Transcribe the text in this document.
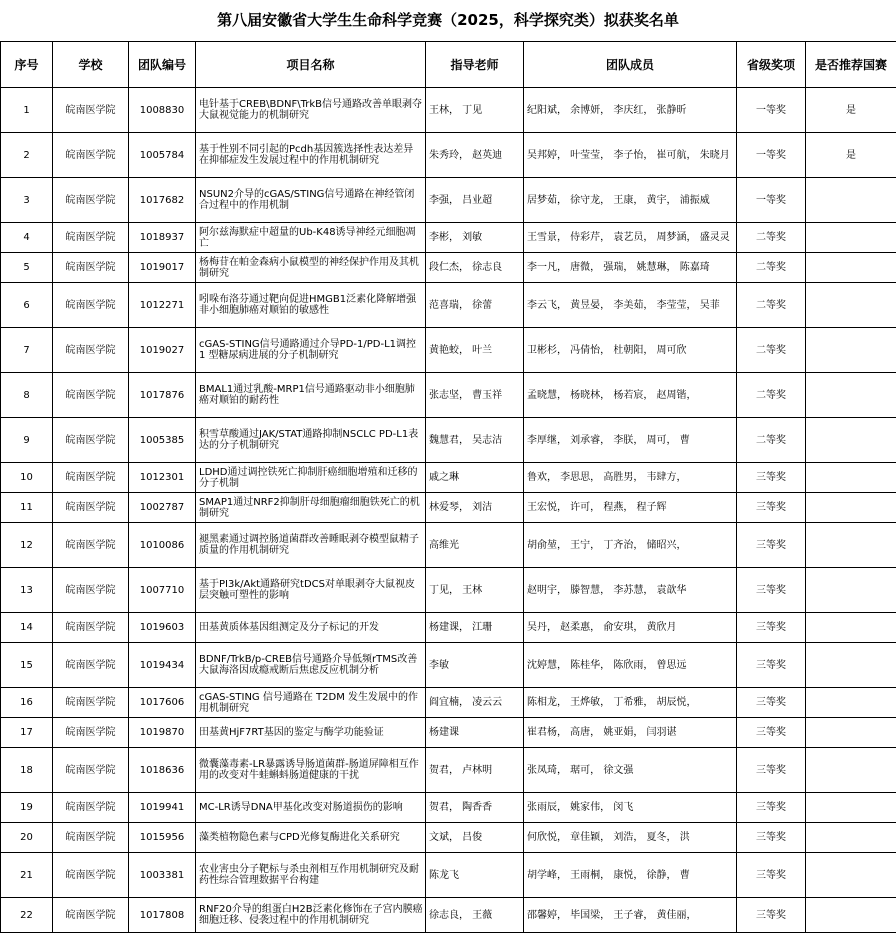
第八届安徽省大学生生命科学竞赛（2025，科学探究类）拟获奖名单
序号	学校	团队编号	项目名称	指导老师	团队成员	省级奖项	是否推荐国赛
1	皖南医学院	1008830	电针基于CREB\BDNF\TrkB信号通路改善单眼剥夺大鼠视觉能力的机制研究	王林， 丁见	纪阳斌， 余博妍， 李庆红， 张静昕	一等奖	是
2	皖南医学院	1005784	基于性别不同引起的Pcdh基因簇选择性表达差异在抑郁症发生发展过程中的作用机制研究	朱秀玲， 赵英迪	吴邦婷， 叶莹莹， 李子怡， 崔可航， 朱晓月	一等奖	是
3	皖南医学院	1017682	NSUN2介导的cGAS/STING信号通路在神经管闭合过程中的作用机制	李强， 吕业超	居梦茹， 徐守龙， 王康， 黄宇， 浦振威	一等奖	
4	皖南医学院	1018937	阿尔兹海默症中超量的Ub-K48诱导神经元细胞凋亡	李彬， 刘敏	王雪景， 侍彩芹， 袁艺员， 周梦涵， 盛灵灵	二等奖	
5	皖南医学院	1019017	杨梅苷在帕金森病小鼠模型的神经保护作用及其机制研究	段仁杰， 徐志良	李一凡， 唐微， 强瑞， 姚慧琳， 陈嘉琦	二等奖	
6	皖南医学院	1012271	吲哚布洛芬通过靶向促进HMGB1泛素化降解增强非小细胞肺癌对顺铂的敏感性	范喜瑞， 徐蕾	李云飞， 黄昱晏， 李美茹， 李莹莹， 吴菲	二等奖	
7	皖南医学院	1019027	cGAS-STING信号通路通过介导PD-1/PD-L1调控 1 型糖尿病进展的分子机制研究	黄艳蛟， 叶兰	卫彬杉， 冯倩怡， 杜朝阳， 周可欣	二等奖	
8	皖南医学院	1017876	BMAL1通过乳酸-MRP1信号通路驱动非小细胞肺癌对顺铂的耐药性	张志坚， 曹玉祥	孟晓慧， 杨晓林， 杨若宸， 赵周锴，	二等奖	
9	皖南医学院	1005385	积雪草酸通过JAK/STAT通路抑制NSCLC PD-L1表达的分子机制研究	魏慧君， 吴志洁	李厚继， 刘承睿， 李朕， 周可， 曹	二等奖	
10	皖南医学院	1012301	LDHD通过调控铁死亡抑制肝癌细胞增殖和迁移的分子机制	戚之琳	鲁欢， 李思思， 高胜男， 韦肆方，	三等奖	
11	皖南医学院	1002787	SMAP1通过NRF2抑制肝母细胞瘤细胞铁死亡的机制研究	林爱琴， 刘洁	王宏悦， 许可， 程燕， 程子辉	三等奖	
12	皖南医学院	1010086	褪黑素通过调控肠道菌群改善睡眠剥夺模型鼠精子质量的作用机制研究	高维光	胡俞堃， 王宁， 丁齐治， 储昭兴，	三等奖	
13	皖南医学院	1007710	基于PI3k/Akt通路研究tDCS对单眼剥夺大鼠视皮层突触可塑性的影响	丁见， 王林	赵明宇， 滕智慧， 李苏慧， 袁歆华	三等奖	
14	皖南医学院	1019603	田基黄质体基因组测定及分子标记的开发	杨建课， 江珊	吴丹， 赵柔惠， 俞安琪， 黄欣月	三等奖	
15	皖南医学院	1019434	BDNF/TrkB/p-CREB信号通路介导低频rTMS改善大鼠海洛因成瘾戒断后焦虑反应机制分析	李敏	沈婷慧， 陈桂华， 陈欣雨， 曾思远	三等奖	
16	皖南医学院	1017606	cGAS-STING 信号通路在 T2DM 发生发展中的作用机制研究	阎宜楠， 凌云云	陈相龙， 王烨敏， 丁希雅， 胡辰悦，	三等奖	
17	皖南医学院	1019870	田基黄HjF7RT基因的鉴定与酶学功能验证	杨建课	崔君杨， 高唐， 姚亚娟， 闫羽谌	三等奖	
18	皖南医学院	1018636	微囊藻毒素-LR暴露诱导肠道菌群-肠道屏障相互作用的改变对牛蛙蝌蚪肠道健康的干扰	贺君， 卢林明	张凤琦， 琚可， 徐文强	三等奖	
19	皖南医学院	1019941	MC-LR诱导DNA甲基化改变对肠道损伤的影响	贺君， 陶香香	张雨辰， 姚家伟， 闵飞	三等奖	
20	皖南医学院	1015956	藻类植物隐色素与CPD光修复酶进化关系研究	文斌， 吕俊	何欣悦， 章佳颖， 刘浩， 夏冬， 洪	三等奖	
21	皖南医学院	1003381	农业害虫分子靶标与杀虫剂相互作用机制研究及耐药性综合管理数据平台构建	陈龙飞	胡学峰， 王雨桐， 康悦， 徐静， 曹	三等奖	
22	皖南医学院	1017808	RNF20介导的组蛋白H2B泛素化修饰在子宫内膜癌细胞迁移、侵袭过程中的作用机制研究	徐志良， 王薇	邵馨婷， 毕国梁， 王子睿， 黄佳丽，	三等奖	
